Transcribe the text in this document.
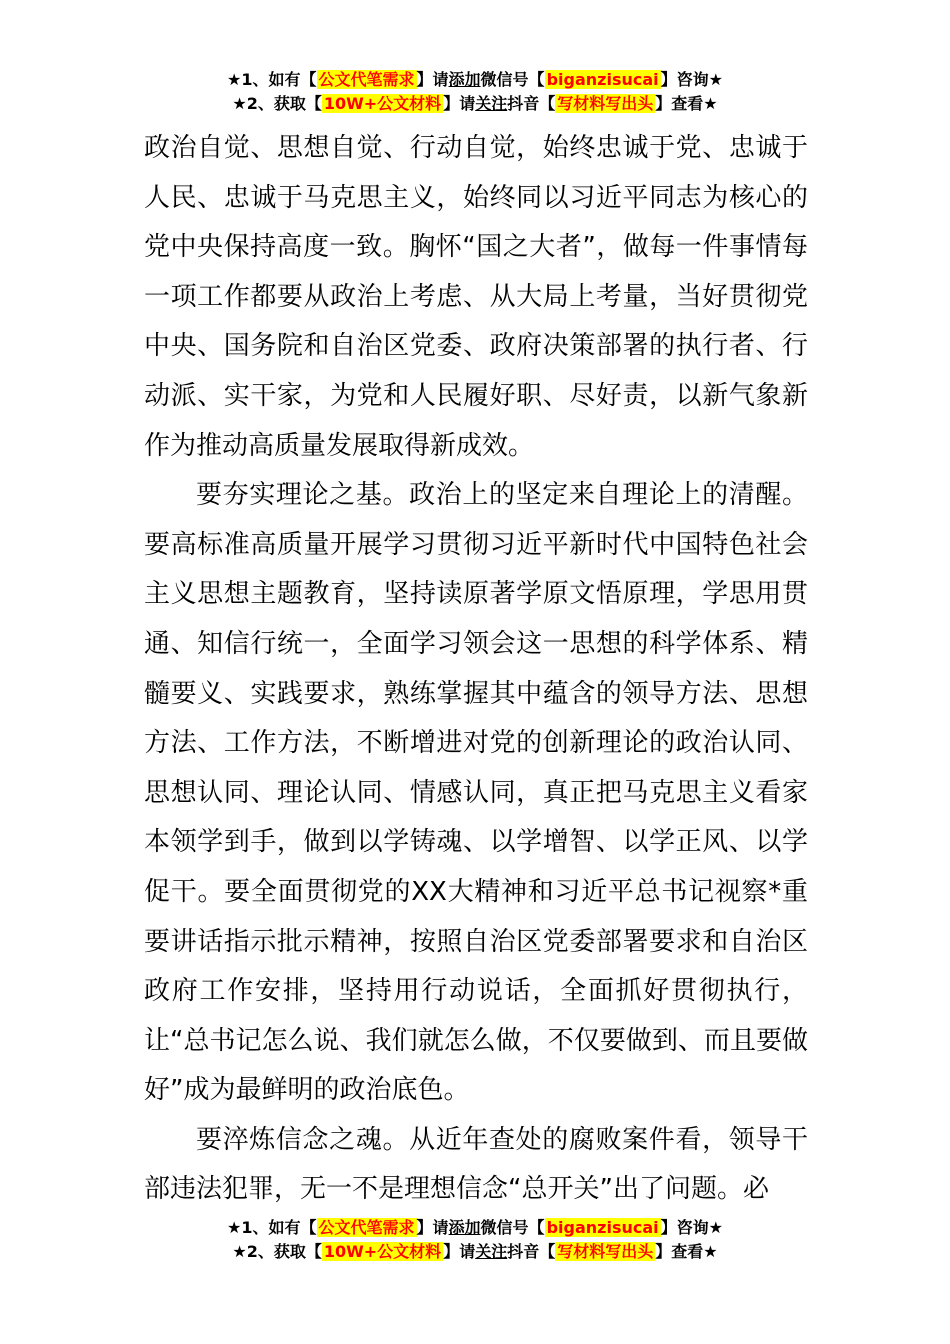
★1、如有【 公文代笔需求 】请添加微信号【 biganzisucai 】咨询★
★2、获取【 10W+公文材料 】请关注抖音【 写材料写出头 】查看★

政治自觉、思想自觉、行动自觉，始终忠诚于党、忠诚于人民、忠诚于马克思主义，始终同以习近平同志为核心的党中央保持高度一致。胸怀“国之大者”，做每一件事情每一项工作都要从政治上考虑、从大局上考量，当好贯彻党中央、国务院和自治区党委、政府决策部署的执行者、行动派、实干家，为党和人民履好职、尽好责，以新气象新作为推动高质量发展取得新成效。

要夯实理论之基。政治上的坚定来自理论上的清醒。要高标准高质量开展学习贯彻习近平新时代中国特色社会主义思想主题教育，坚持读原著学原文悟原理，学思用贯通、知信行统一，全面学习领会这一思想的科学体系、精髓要义、实践要求，熟练掌握其中蕴含的领导方法、思想方法、工作方法，不断增进对党的创新理论的政治认同、思想认同、理论认同、情感认同，真正把马克思主义看家本领学到手，做到以学铸魂、以学增智、以学正风、以学促干。要全面贯彻党的XX大精神和习近平总书记视察*重要讲话指示批示精神，按照自治区党委部署要求和自治区政府工作安排，坚持用行动说话，全面抓好贯彻执行，让“总书记怎么说、我们就怎么做，不仅要做到、而且要做好”成为最鲜明的政治底色。

要淬炼信念之魂。从近年查处的腐败案件看，领导干部违法犯罪，无一不是理想信念“总开关”出了问题。必

★1、如有【 公文代笔需求 】请添加微信号【 biganzisucai 】咨询★
★2、获取【 10W+公文材料 】请关注抖音【 写材料写出头 】查看★
